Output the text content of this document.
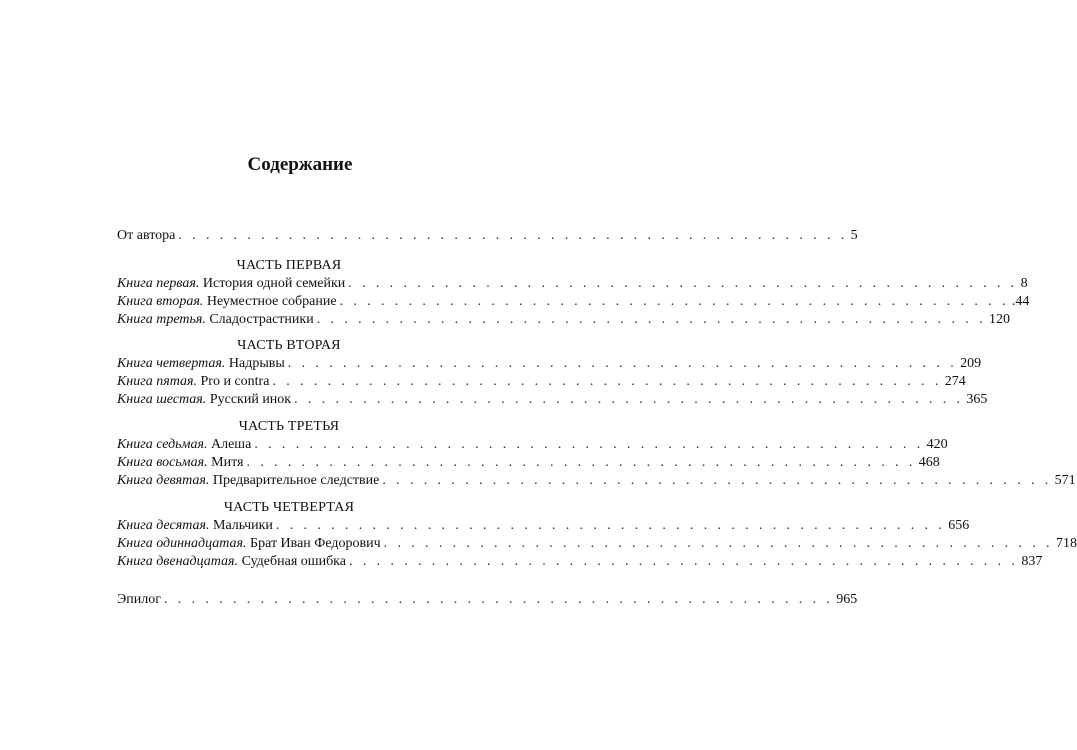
Содержание
От автора . . . . . . . . . . . . . . . . . . . . . . . . . . . . . . . . . . . . . . . . . . . . . . . . . 5
ЧАСТЬ ПЕРВАЯ
Книга первая. История одной семейки . . . . . . . . . . . . . . . . . . . . . . . . . . . . . . . . . . . . . . . . . . . . . . . . . 8
Книга вторая. Неуместное собрание . . . . . . . . . . . . . . . . . . . . . . . . . . . . . . . . . . . . . . . . . . . . . . . . . .44
Книга третья. Сладострастники . . . . . . . . . . . . . . . . . . . . . . . . . . . . . . . . . . . . . . . . . . . . . . . . . 120
ЧАСТЬ ВТОРАЯ
Книга четвертая. Надрывы . . . . . . . . . . . . . . . . . . . . . . . . . . . . . . . . . . . . . . . . . . . . . . . . . 209
Книга пятая. Pro и contra . . . . . . . . . . . . . . . . . . . . . . . . . . . . . . . . . . . . . . . . . . . . . . . . . 274
Книга шестая. Русский инок . . . . . . . . . . . . . . . . . . . . . . . . . . . . . . . . . . . . . . . . . . . . . . . . . 365
ЧАСТЬ ТРЕТЬЯ
Книга седьмая. Алеша . . . . . . . . . . . . . . . . . . . . . . . . . . . . . . . . . . . . . . . . . . . . . . . . . 420
Книга восьмая. Митя . . . . . . . . . . . . . . . . . . . . . . . . . . . . . . . . . . . . . . . . . . . . . . . . . 468
Книга девятая. Предварительное следствие . . . . . . . . . . . . . . . . . . . . . . . . . . . . . . . . . . . . . . . . . . . . . . . . . 571
ЧАСТЬ ЧЕТВЕРТАЯ
Книга десятая. Мальчики . . . . . . . . . . . . . . . . . . . . . . . . . . . . . . . . . . . . . . . . . . . . . . . . . 656
Книга одиннадцатая. Брат Иван Федорович . . . . . . . . . . . . . . . . . . . . . . . . . . . . . . . . . . . . . . . . . . . . . . . . . 718
Книга двенадцатая. Судебная ошибка . . . . . . . . . . . . . . . . . . . . . . . . . . . . . . . . . . . . . . . . . . . . . . . . . 837
Эпилог . . . . . . . . . . . . . . . . . . . . . . . . . . . . . . . . . . . . . . . . . . . . . . . . . 965
